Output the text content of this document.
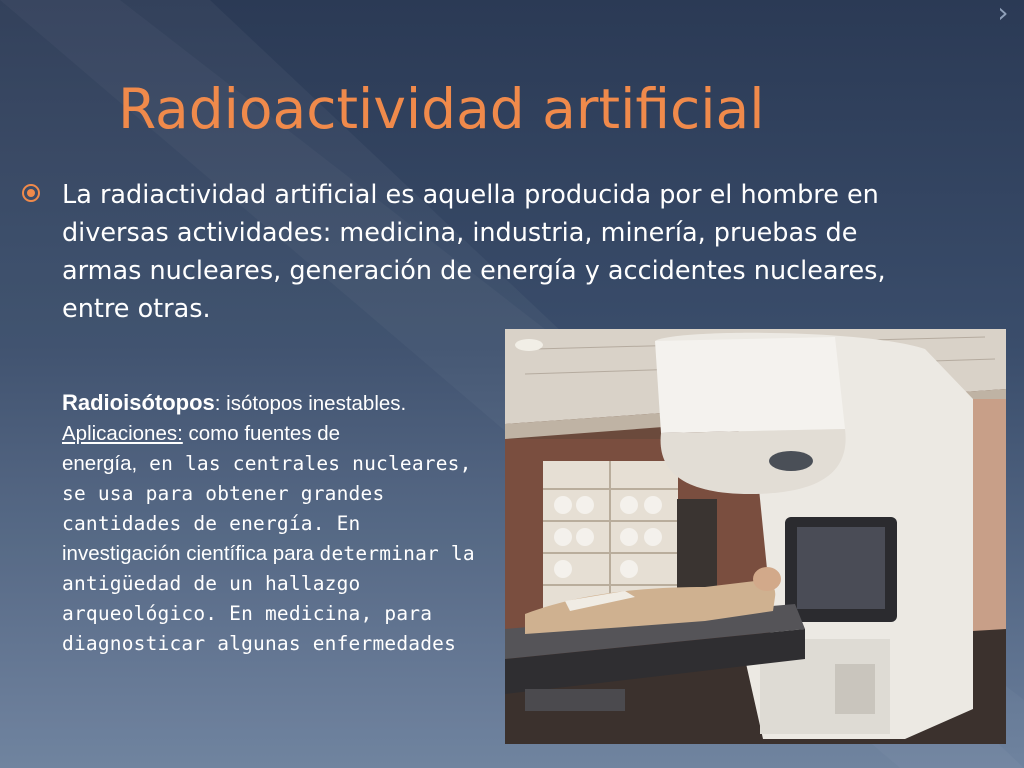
›
Radioactividad artificial
La radiactividad artificial es aquella producida por el hombre en diversas actividades: medicina, industria, minería, pruebas de armas nucleares, generación de energía y accidentes nucleares, entre otras.
Radioisótopos: isótopos inestables.
Aplicaciones: como fuentes de
energía, en las centrales nucleares, se usa para obtener grandes cantidades de energía. En
investigación científica para determinar la antigüedad de un hallazgo arqueológico. En medicina, para diagnosticar algunas enfermedades
